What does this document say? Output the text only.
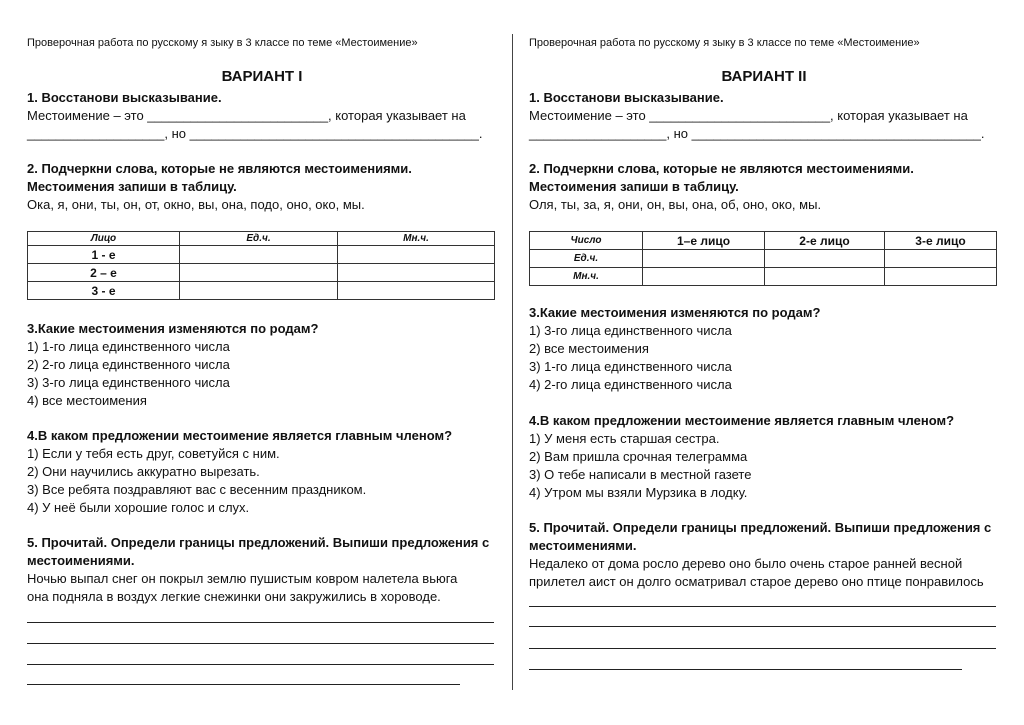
Проверочная работа по русскому я зыку в 3 классе по теме «Местоимение»
ВАРИАНТ I
1. Восстанови высказывание.
Местоимение – это _________________________, которая указывает на
___________________, но ________________________________________.
2. Подчеркни слова, которые не являются местоимениями.
Местоимения запиши в таблицу.
Ока, я, они, ты, он, от, окно, вы, она, подо, оно, око, мы.
Лицо	Ед.ч.	Мн.ч.
1 - е		
2 – е		
3 - е		
3.Какие местоимения изменяются по родам?
1) 1-го лица единственного числа
2) 2-го лица единственного числа
3) 3-го лица единственного числа
4) все местоимения
4.В каком предложении местоимение является главным членом?
1) Если у тебя есть друг, советуйся с ним.
2) Они научились аккуратно вырезать.
3) Все ребята поздравляют вас с весенним праздником.
4) У неё были хорошие голос и слух.
5. Прочитай. Определи границы предложений. Выпиши предложения с
местоимениями.
Ночью выпал снег он покрыл землю пушистым ковром налетела вьюга
она подняла в воздух легкие снежинки они закружились в хороводе.
Проверочная работа по русскому я зыку в 3 классе по теме «Местоимение»
ВАРИАНТ II
1. Восстанови высказывание.
Местоимение – это _________________________, которая указывает на
___________________, но ________________________________________.
2. Подчеркни слова, которые не являются местоимениями.
Местоимения запиши в таблицу.
Оля, ты, за, я, они, он, вы, она, об, оно, око, мы.
Число	1–е лицо	2-е лицо	3-е лицо
Ед.ч.			
Мн.ч.			
3.Какие местоимения изменяются по родам?
1) 3-го лица единственного числа
2) все местоимения
3) 1-го лица единственного числа
4) 2-го лица единственного числа
4.В каком предложении местоимение является главным членом?
1) У меня есть старшая сестра.
2) Вам пришла срочная телеграмма
3) О тебе написали в местной газете
4) Утром мы взяли Мурзика в лодку.
5. Прочитай. Определи границы предложений. Выпиши предложения с
местоимениями.
Недалеко от дома росло дерево оно было очень старое ранней весной
прилетел аист он долго осматривал старое дерево оно птице понравилось
